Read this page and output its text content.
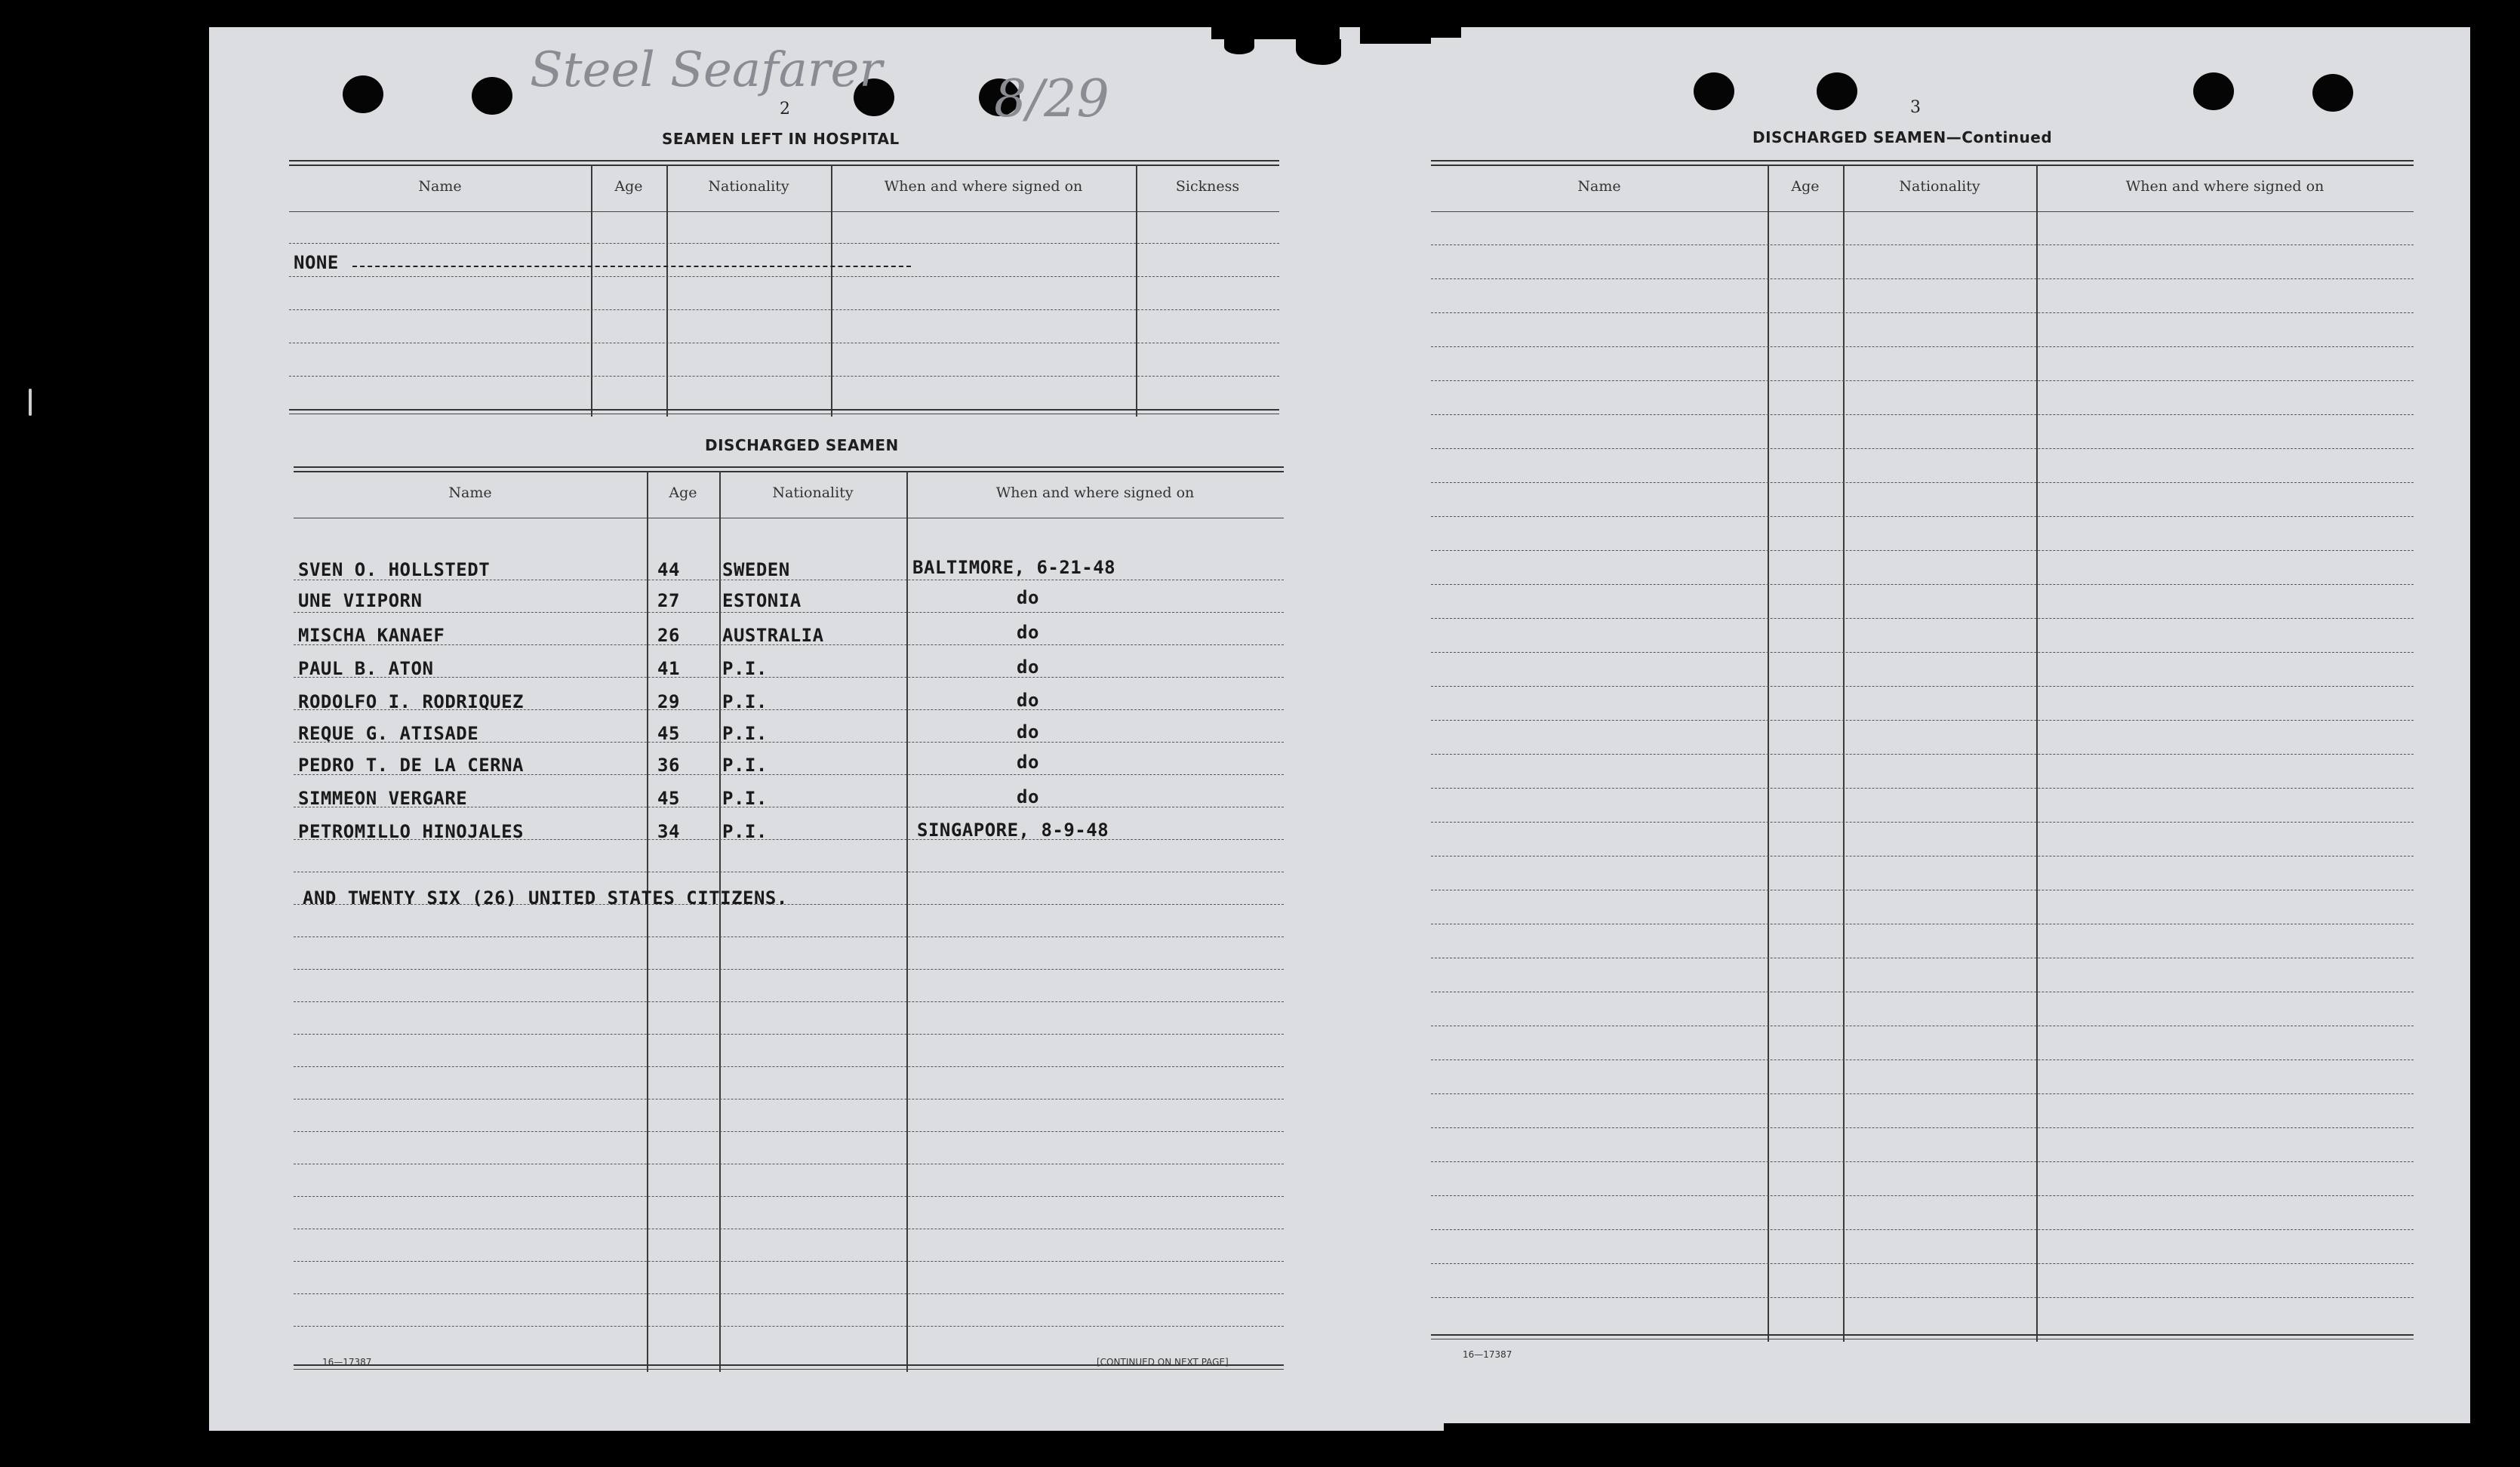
Steel Seafarer 8/29
2
SEAMEN LEFT IN HOSPITAL
Name	Age	Nationality	When and where signed on	Sickness
NONE
DISCHARGED SEAMEN
Name	Age	Nationality	When and where signed on
SVEN O. HOLLSTEDT	44 SWEDEN	BALTIMORE, 6-21-48
UNE VIIPORN	27 ESTONIA	do
MISCHA KANAEF	26 AUSTRALIA	do
PAUL B. ATON	41 P.I.	do
RODOLFO I. RODRIQUEZ	29 P.I.	do
REQUE G. ATISADE	45 P.I.	do
PEDRO T. DE LA CERNA	36 P.I.	do
SIMMEON VERGARE	45 P.I.	do
PETROMILLO HINOJALES	34 P.I.	SINGAPORE, 8-9-48
AND TWENTY SIX (26) UNITED STATES CITIZENS.
16—17387	[CONTINUED ON NEXT PAGE]
3
DISCHARGED SEAMEN—Continued
Name	Age	Nationality	When and where signed on
16—17387
